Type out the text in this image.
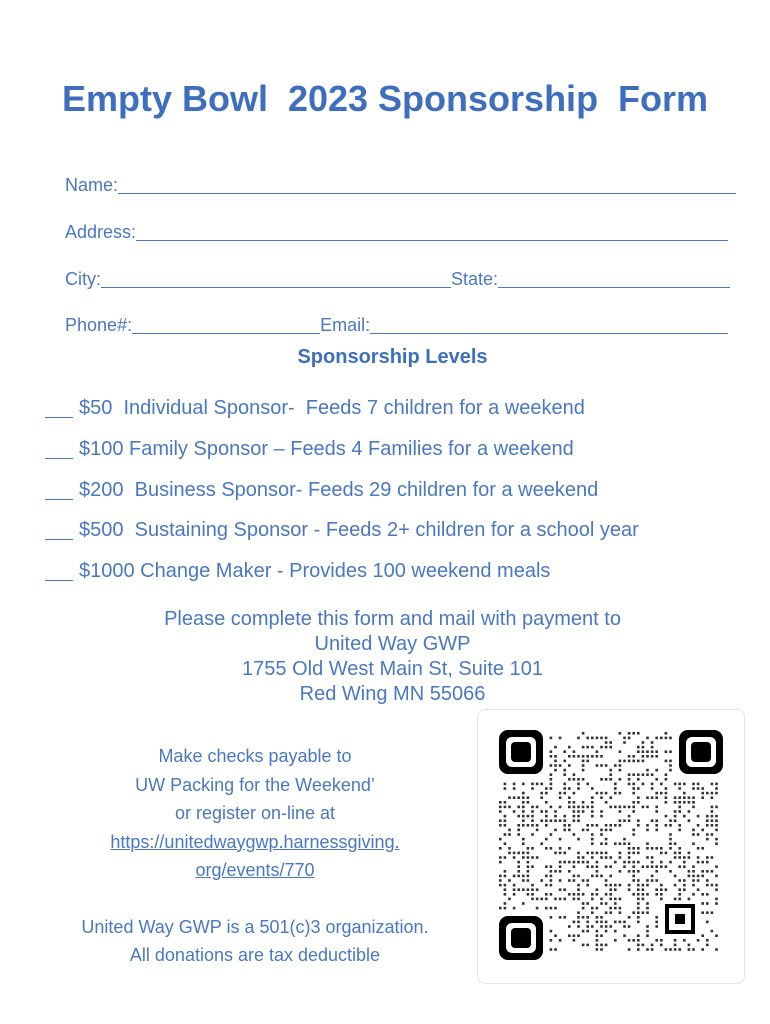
Empty Bowl  2023 Sponsorship  Form

Name:

Address:

City:	State:

Phone#:	Email:

Sponsorship Levels
$50  Individual Sponsor-  Feeds 7 children for a weekend
$100 Family Sponsor – Feeds 4 Families for a weekend
$200  Business Sponsor- Feeds 29 children for a weekend
$500  Sustaining Sponsor - Feeds 2+ children for a school year
$1000 Change Maker - Provides 100 weekend meals
Please complete this form and mail with payment to
United Way GWP
1755 Old West Main St, Suite 101
Red Wing MN 55066
Make checks payable to
UW Packing for the Weekend’
or register on-line at
https://unitedwaygwp.harnessgiving.
org/events/770
United Way GWP is a 501(c)3 organization.
All donations are tax deductible
